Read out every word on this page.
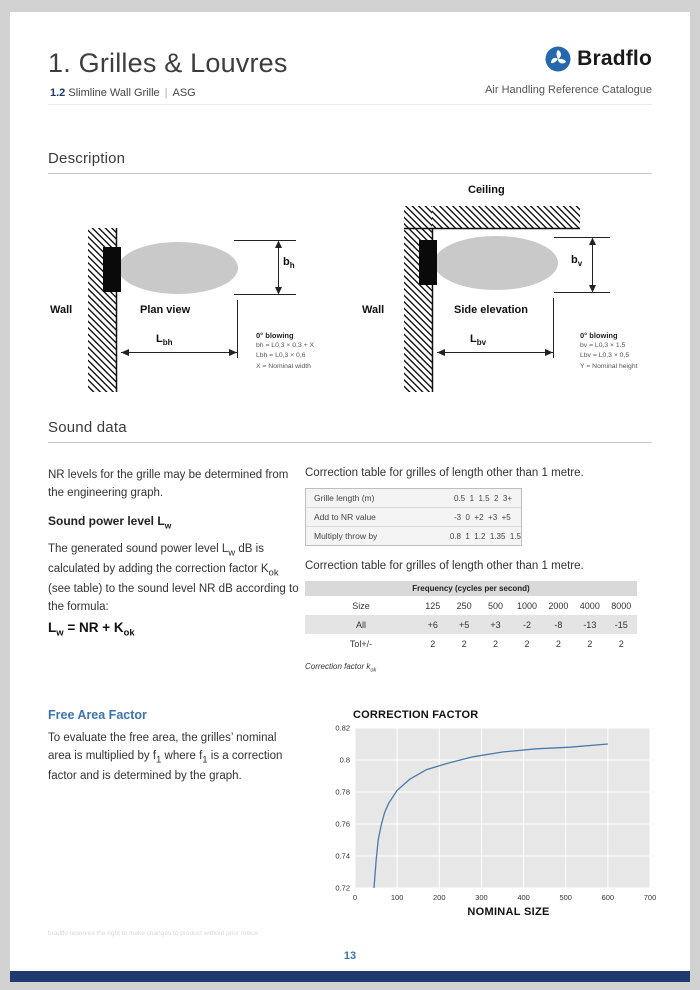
1. Grilles & Louvres
1.2 Slimline Wall Grille | ASG
Bradflo
Air Handling Reference Catalogue
Description
Wall	Plan view
$b_h$
$L_{bh}$
0° blowing
bh = L0,3 × 0.3 + X
Lbh = L0,3 × 0,6
X = Nominal width
Ceiling
Wall	Side elevation
$b_v$
$L_{bv}$
0° blowing
bv = L0,3 × 1.5
Lbv = L0,3 × 0,5
Y = Nominal height
Sound data
NR levels for the grille may be determined from the engineering graph.
Sound power level $L_w$
The generated sound power level $L_w$ dB is calculated by adding the correction factor $K_{ok}$ (see table) to the sound level NR dB according to the formula:
$L_w$ = NR + $K_{ok}$
Correction table for grilles of length other than 1 metre.
Grille length (m)	0.5  1  1.5  2  3+
Add to NR value	-3  0  +2  +3  +5
Multiply throw by	0.8  1  1.2  1.35  1.5
Correction table for grilles of length other than 1 metre.
Frequency (cycles per second)
Size	125	250	500	1000	2000	4000	8000
All	+6	+5	+3	-2	-8	-13	-15
Tol+/-	2	2	2	2	2	2	2
Correction factor $k_{ok}$
Free Area Factor
To evaluate the free area, the grilles’ nominal area is multiplied by $f_1$ where $f_1$ is a correction factor and is determined by the graph.
CORRECTION FACTOR
0.72
0.74
0.76
0.78
0.8
0.82
0	100	200	300	400	500	600	700
NOMINAL SIZE
bradflo reserves the right to make changes to product without prior notice
13
